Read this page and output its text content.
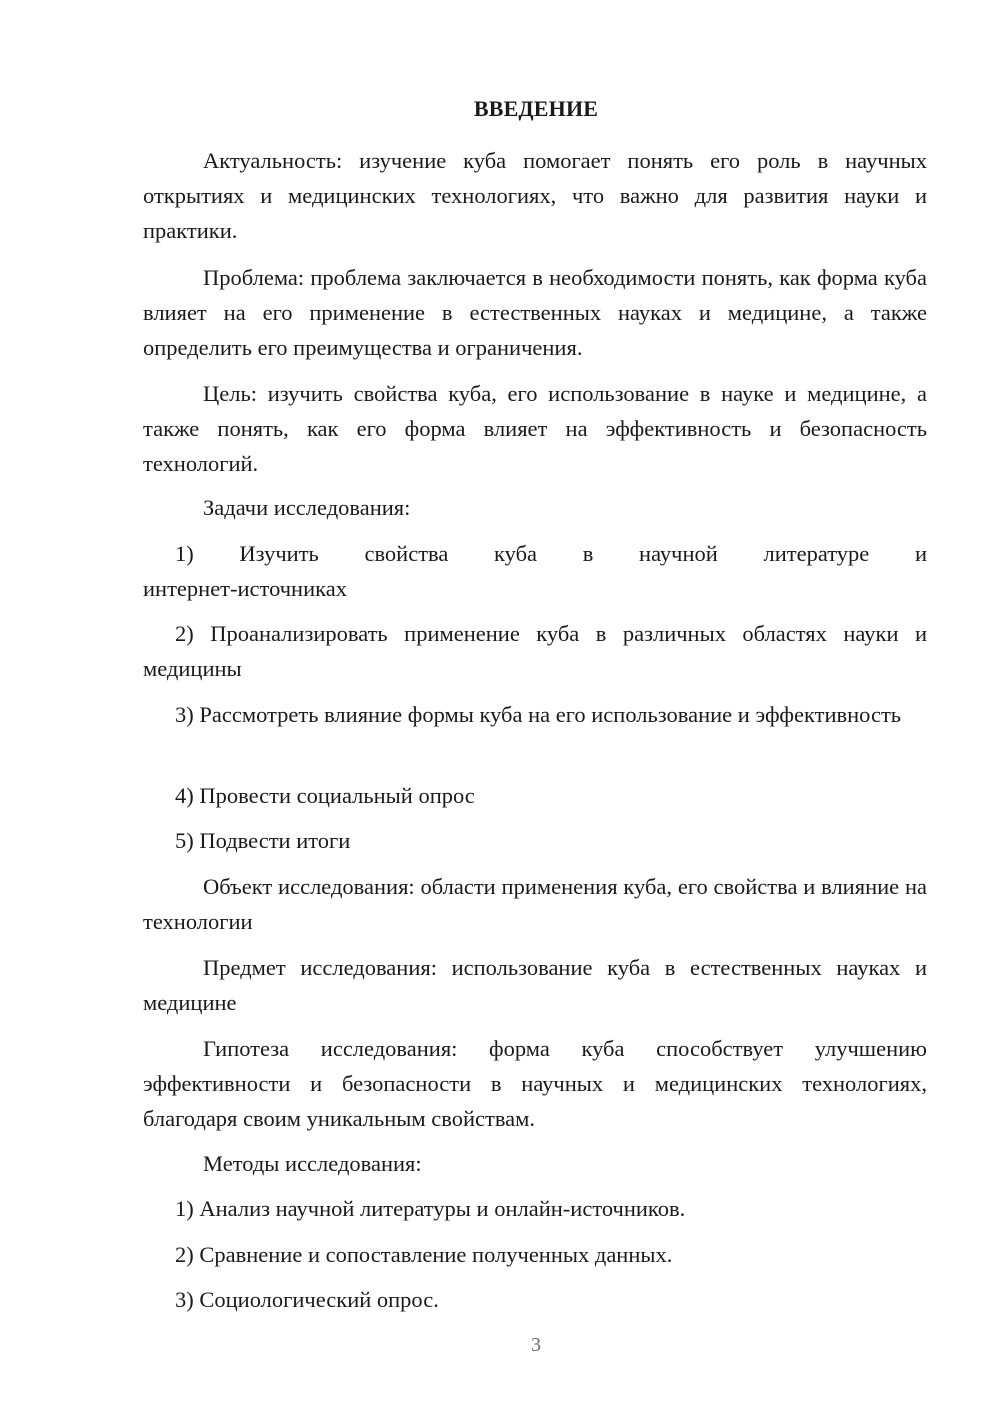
ВВЕДЕНИЕ
Актуальность: изучение куба помогает понять его роль в научных открытиях и медицинских технологиях, что важно для развития науки и практики.
Проблема: проблема заключается в необходимости понять, как форма куба влияет на его применение в естественных науках и медицине, а также определить его преимущества и ограничения.
Цель: изучить свойства куба, его использование в науке и медицине, а также понять, как его форма влияет на эффективность и безопасность технологий.
Задачи исследования:
1) Изучить свойства куба в научной литературе и
интернет-источниках
2) Проанализировать применение куба в различных областях науки и медицины
3) Рассмотреть влияние формы куба на его использование и эффективность
4) Провести социальный опрос
5) Подвести итоги
Объект исследования: области применения куба, его свойства и влияние на технологии
Предмет исследования: использование куба в естественных науках и медицине
Гипотеза исследования: форма куба способствует улучшению эффективности и безопасности в научных и медицинских технологиях, благодаря своим уникальным свойствам.
Методы исследования:
1) Анализ научной литературы и онлайн-источников.
2) Сравнение и сопоставление полученных данных.
3) Социологический опрос.
3
